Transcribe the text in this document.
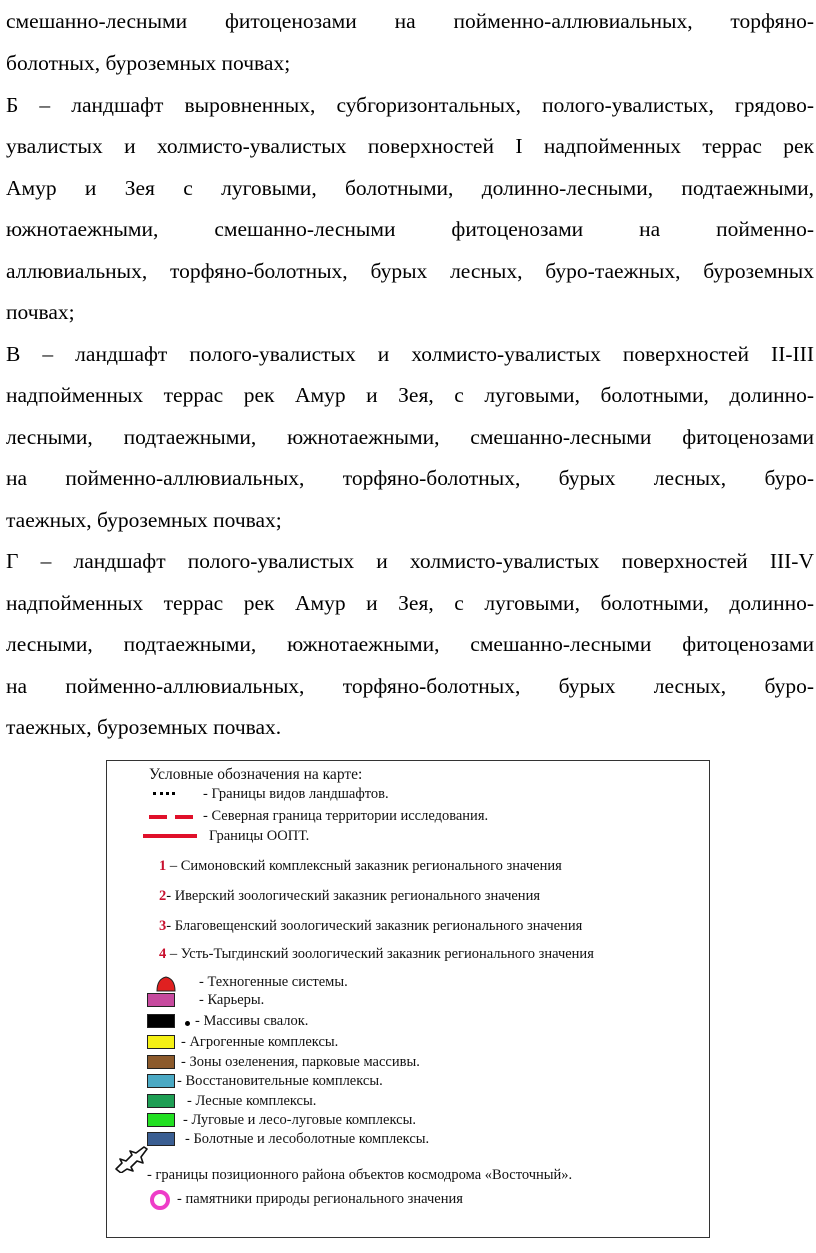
смешанно-лесными фитоценозами на пойменно-аллювиальных, торфяно-
болотных, буроземных почвах;
Б – ландшафт выровненных, субгоризонтальных, полого-увалистых, грядово-
увалистых и холмисто-увалистых поверхностей I надпойменных террас рек
Амур и Зея с луговыми, болотными, долинно-лесными, подтаежными,
южнотаежными, смешанно-лесными фитоценозами на пойменно-
аллювиальных, торфяно-болотных, бурых лесных, буро-таежных, буроземных
почвах;
В – ландшафт полого-увалистых и холмисто-увалистых поверхностей II-III
надпойменных террас рек Амур и Зея, с луговыми, болотными, долинно-
лесными, подтаежными, южнотаежными, смешанно-лесными фитоценозами
на пойменно-аллювиальных, торфяно-болотных, бурых лесных, буро-
таежных, буроземных почвах;
Г – ландшафт полого-увалистых и холмисто-увалистых поверхностей III-V
надпойменных террас рек Амур и Зея, с луговыми, болотными, долинно-
лесными, подтаежными, южнотаежными, смешанно-лесными фитоценозами
на пойменно-аллювиальных, торфяно-болотных, бурых лесных, буро-
таежных, буроземных почвах.
Условные обозначения на карте:
- Границы видов ландшафтов.
- Северная граница территории исследования.
Границы ООПТ.
1 – Симоновский комплексный заказник регионального значения
2- Иверский зоологический заказник регионального значения
3- Благовещенский зоологический заказник регионального значения
4 – Усть-Тыгдинский зоологический заказник регионального значения
- Техногенные системы.
- Карьеры.
- Массивы свалок.
- Агрогенные комплексы.
- Зоны озеленения, парковые массивы.
- Восстановительные комплексы.
- Лесные комплексы.
- Луговые и лесо-луговые комплексы.
- Болотные и лесоболотные комплексы.
- границы позиционного района объектов космодрома «Восточный».
- памятники природы регионального значения
